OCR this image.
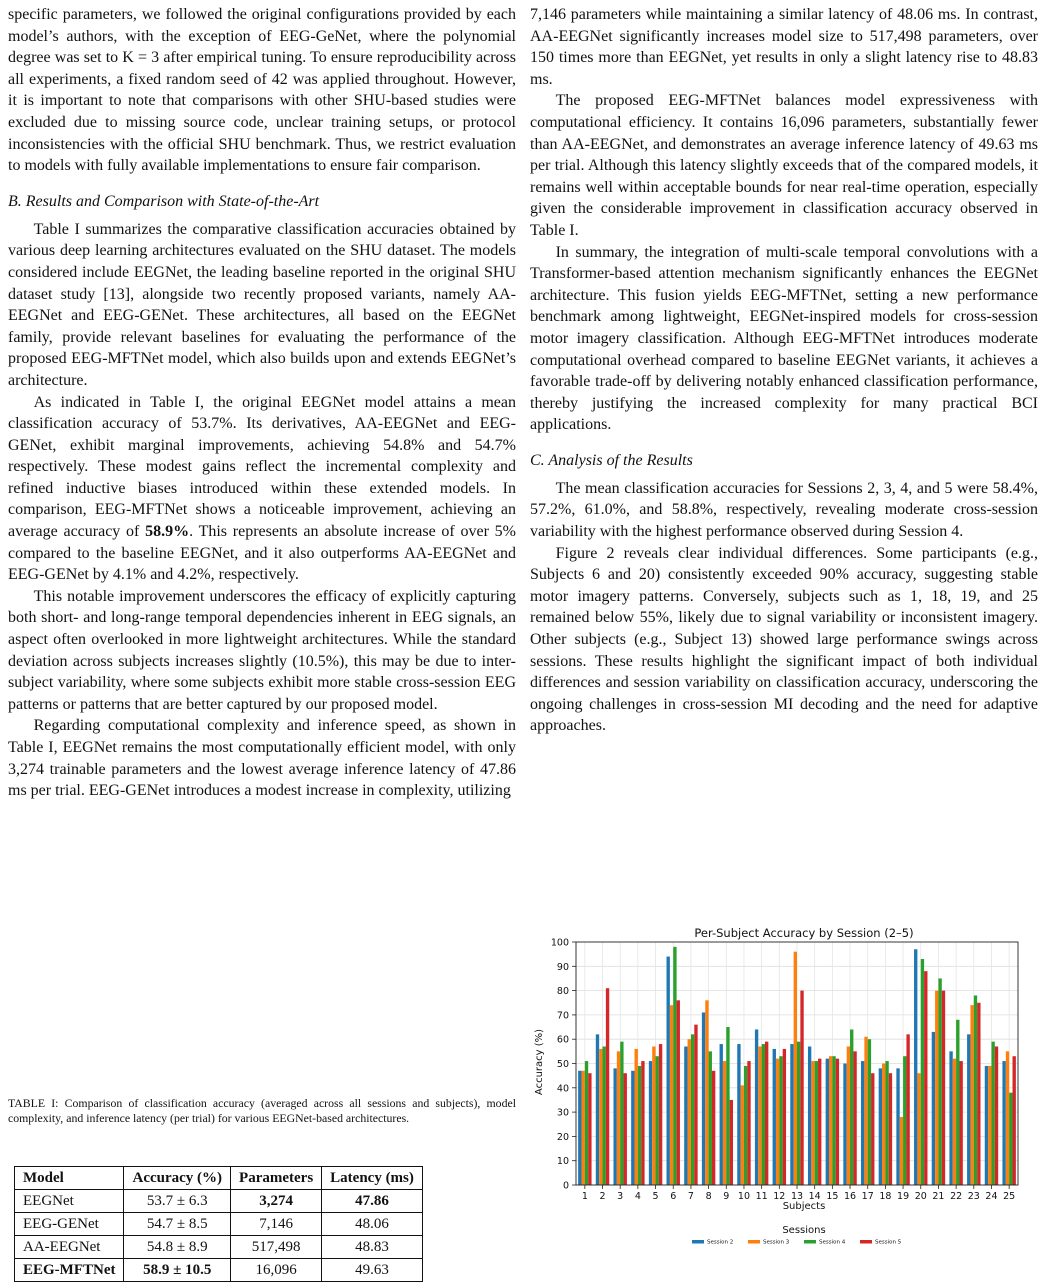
specific parameters, we followed the original configurations provided by each model’s authors, with the exception of EEG-GeNet, where the polynomial degree was set to K = 3 after empirical tuning. To ensure reproducibility across all experiments, a fixed random seed of 42 was applied throughout. However, it is important to note that comparisons with other SHU-based studies were excluded due to missing source code, unclear training setups, or protocol inconsistencies with the official SHU benchmark. Thus, we restrict evaluation to models with fully available implementations to ensure fair comparison.

B. Results and Comparison with State-of-the-Art

Table I summarizes the comparative classification accuracies obtained by various deep learning architectures evaluated on the SHU dataset. The models considered include EEGNet, the leading baseline reported in the original SHU dataset study [13], alongside two recently proposed variants, namely AA-EEGNet and EEG-GENet. These architectures, all based on the EEGNet family, provide relevant baselines for evaluating the performance of the proposed EEG-MFTNet model, which also builds upon and extends EEGNet’s architecture.

As indicated in Table I, the original EEGNet model attains a mean classification accuracy of 53.7%. Its derivatives, AA-EEGNet and EEG-GENet, exhibit marginal improvements, achieving 54.8% and 54.7% respectively. These modest gains reflect the incremental complexity and refined inductive biases introduced within these extended models. In comparison, EEG-MFTNet shows a noticeable improvement, achieving an average accuracy of 58.9%. This represents an absolute increase of over 5% compared to the baseline EEGNet, and it also outperforms AA-EEGNet and EEG-GENet by 4.1% and 4.2%, respectively.

This notable improvement underscores the efficacy of explicitly capturing both short- and long-range temporal dependencies inherent in EEG signals, an aspect often overlooked in more lightweight architectures. While the standard deviation across subjects increases slightly (10.5%), this may be due to inter-subject variability, where some subjects exhibit more stable cross-session EEG patterns or patterns that are better captured by our proposed model.

Regarding computational complexity and inference speed, as shown in Table I, EEGNet remains the most computationally efficient model, with only 3,274 trainable parameters and the lowest average inference latency of 47.86 ms per trial. EEG-GENet introduces a modest increase in complexity, utilizing

7,146 parameters while maintaining a similar latency of 48.06 ms. In contrast, AA-EEGNet significantly increases model size to 517,498 parameters, over 150 times more than EEGNet, yet results in only a slight latency rise to 48.83 ms.

The proposed EEG-MFTNet balances model expressiveness with computational efficiency. It contains 16,096 parameters, substantially fewer than AA-EEGNet, and demonstrates an average inference latency of 49.63 ms per trial. Although this latency slightly exceeds that of the compared models, it remains well within acceptable bounds for near real-time operation, especially given the considerable improvement in classification accuracy observed in Table I.

In summary, the integration of multi-scale temporal convolutions with a Transformer-based attention mechanism significantly enhances the EEGNet architecture. This fusion yields EEG-MFTNet, setting a new performance benchmark among lightweight, EEGNet-inspired models for cross-session motor imagery classification. Although EEG-MFTNet introduces moderate computational overhead compared to baseline EEGNet variants, it achieves a favorable trade-off by delivering notably enhanced classification performance, thereby justifying the increased complexity for many practical BCI applications.

C. Analysis of the Results

The mean classification accuracies for Sessions 2, 3, 4, and 5 were 58.4%, 57.2%, 61.0%, and 58.8%, respectively, revealing moderate cross-session variability with the highest performance observed during Session 4.

Figure 2 reveals clear individual differences. Some participants (e.g., Subjects 6 and 20) consistently exceeded 90% accuracy, suggesting stable motor imagery patterns. Conversely, subjects such as 1, 18, 19, and 25 remained below 55%, likely due to signal variability or inconsistent imagery. Other subjects (e.g., Subject 13) showed large performance swings across sessions. These results highlight the significant impact of both individual differences and session variability on classification accuracy, underscoring the ongoing challenges in cross-session MI decoding and the need for adaptive approaches.

TABLE I: Comparison of classification accuracy (averaged across all sessions and subjects), model complexity, and inference latency (per trial) for various EEGNet-based architectures.
Model	Accuracy (%)	Parameters	Latency (ms)
EEGNet	53.7 ± 6.3	3,274	47.86
EEG-GENet	54.7 ± 8.5	7,146	48.06
AA-EEGNet	54.8 ± 8.9	517,498	48.83
EEG-MFTNet	58.9 ± 10.5	16,096	49.63
0
10
20
30
40
50
60
70
80
90
100
1 2 3 4 5 6 7 8 9 10 11 12 13 14 15 16 17 18 19 20 21 22 23 24 25
Per-Subject Accuracy by Session (2–5)
Subjects
Accuracy (%)
Sessions
Session 2	Session 3	Session 4	Session 5
